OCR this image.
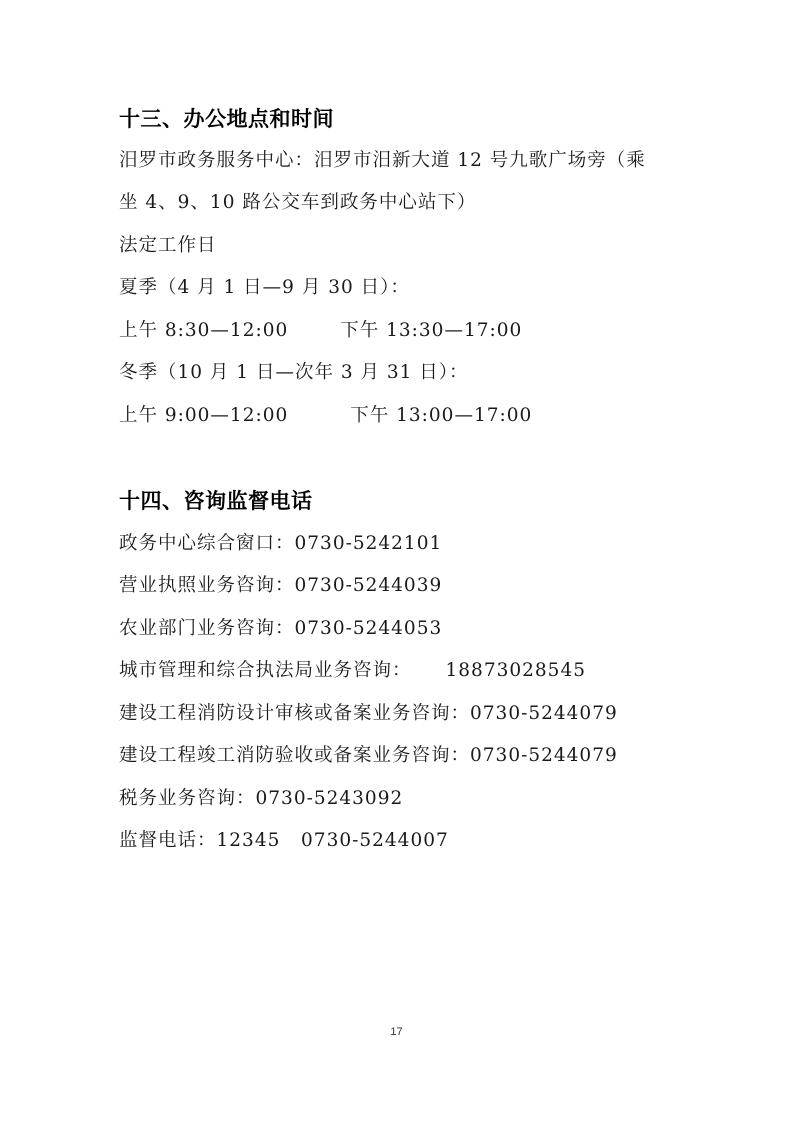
十三、办公地点和时间
汨罗市政务服务中心：汨罗市汨新大道 12 号九歌广场旁（乘
坐 4、9、10 路公交车到政务中心站下）
法定工作日
夏季（4 月 1 日—9 月 30 日）：
上午 8:30—12:00	下午 13:30—17:00
冬季（10 月 1 日—次年 3 月 31 日）：
上午 9:00—12:00	下午 13:00—17:00
十四、咨询监督电话
政务中心综合窗口：0730-5242101
营业执照业务咨询：0730-5244039
农业部门业务咨询：0730-5244053
城市管理和综合执法局业务咨询： 18873028545
建设工程消防设计审核或备案业务咨询：0730-5244079
建设工程竣工消防验收或备案业务咨询：0730-5244079
税务业务咨询：0730-5243092
监督电话：12345 0730-5244007
17
